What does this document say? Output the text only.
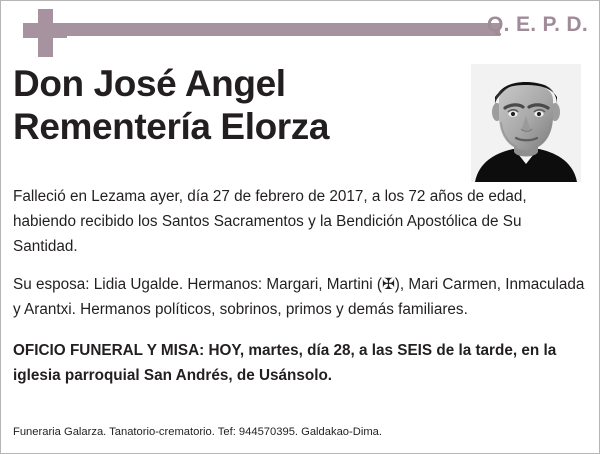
Q. E. P. D.
Don José Angel Rementería Elorza

Falleció en Lezama ayer, día 27 de febrero de 2017, a los 72 años de edad, habiendo recibido los Santos Sacramentos y la Bendición Apostólica de Su Santidad.

Su esposa: Lidia Ugalde. Hermanos: Margari, Martini (✠), Mari Carmen, Inmaculada y Arantxi. Hermanos políticos, sobrinos, primos y demás familiares.

OFICIO FUNERAL Y MISA: HOY, martes, día 28, a las SEIS de la tarde, en la iglesia parroquial San Andrés, de Usánsolo.

Funeraria Galarza. Tanatorio-crematorio. Tef: 944570395. Galdakao-Dima.
